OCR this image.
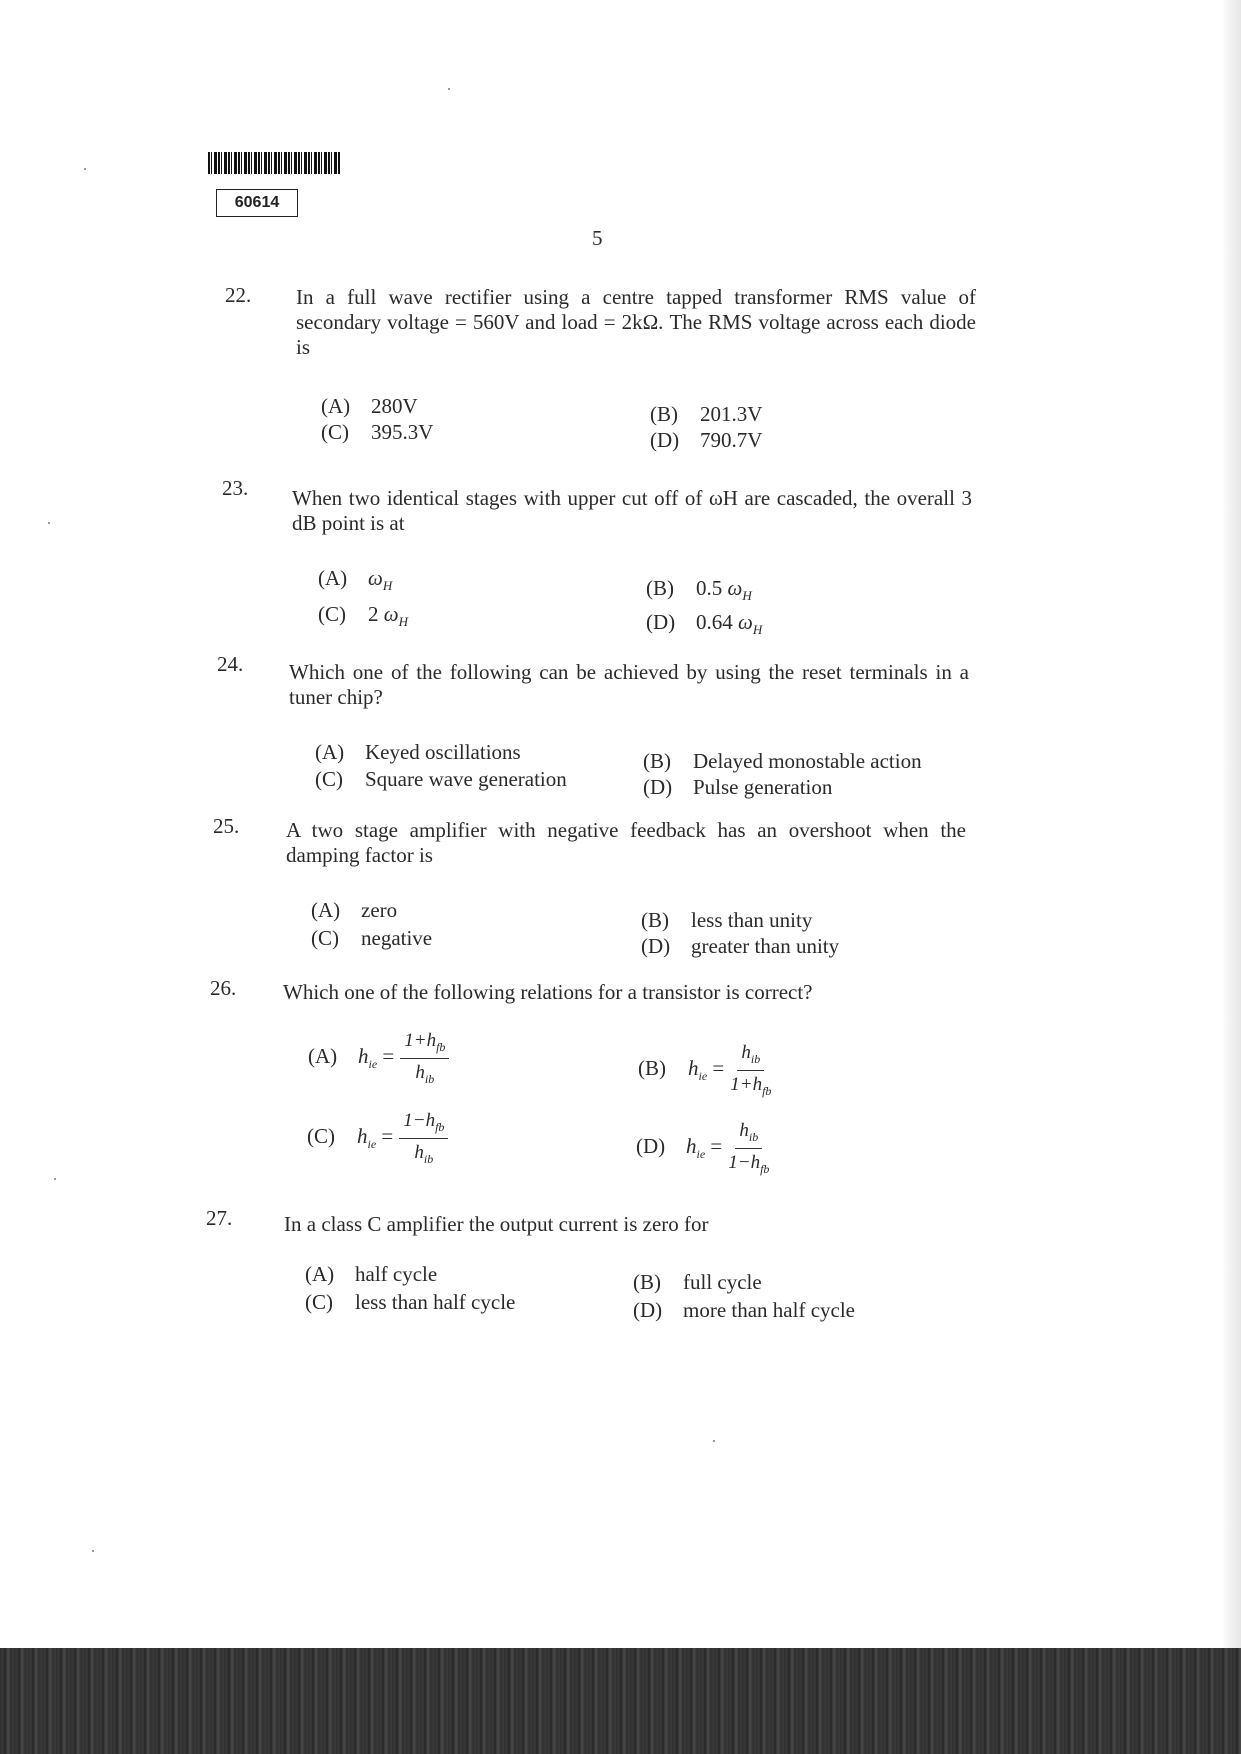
60614
5
22. In a full wave rectifier using a centre tapped transformer RMS value of secondary voltage = 560V and load = 2kΩ. The RMS voltage across each diode is
(A) 280V	(B) 201.3V
(C) 395.3V	(D) 790.7V
23. When two identical stages with upper cut off of ωH are cascaded, the overall 3 dB point is at
(A) $\omega_H$	(B) 0.5 $\omega_H$
(C) 2 $\omega_H$	(D) 0.64 $\omega_H$
24. Which one of the following can be achieved by using the reset terminals in a tuner chip?
(A) Keyed oscillations	(B) Delayed monostable action
(C) Square wave generation	(D) Pulse generation
25. A two stage amplifier with negative feedback has an overshoot when the damping factor is
(A) zero	(B) less than unity
(C) negative	(D) greater than unity
26. Which one of the following relations for a transistor is correct?
(A) $h_{ie} = \frac{1+h_{fb}}{h_{ib}}$	(B) $h_{ie} = \frac{h_{ib}}{1+h_{fb}}$
(C) $h_{ie} = \frac{1-h_{fb}}{h_{ib}}$	(D) $h_{ie} = \frac{h_{ib}}{1-h_{fb}}$
27. In a class C amplifier the output current is zero for
(A) half cycle	(B) full cycle
(C) less than half cycle	(D) more than half cycle
